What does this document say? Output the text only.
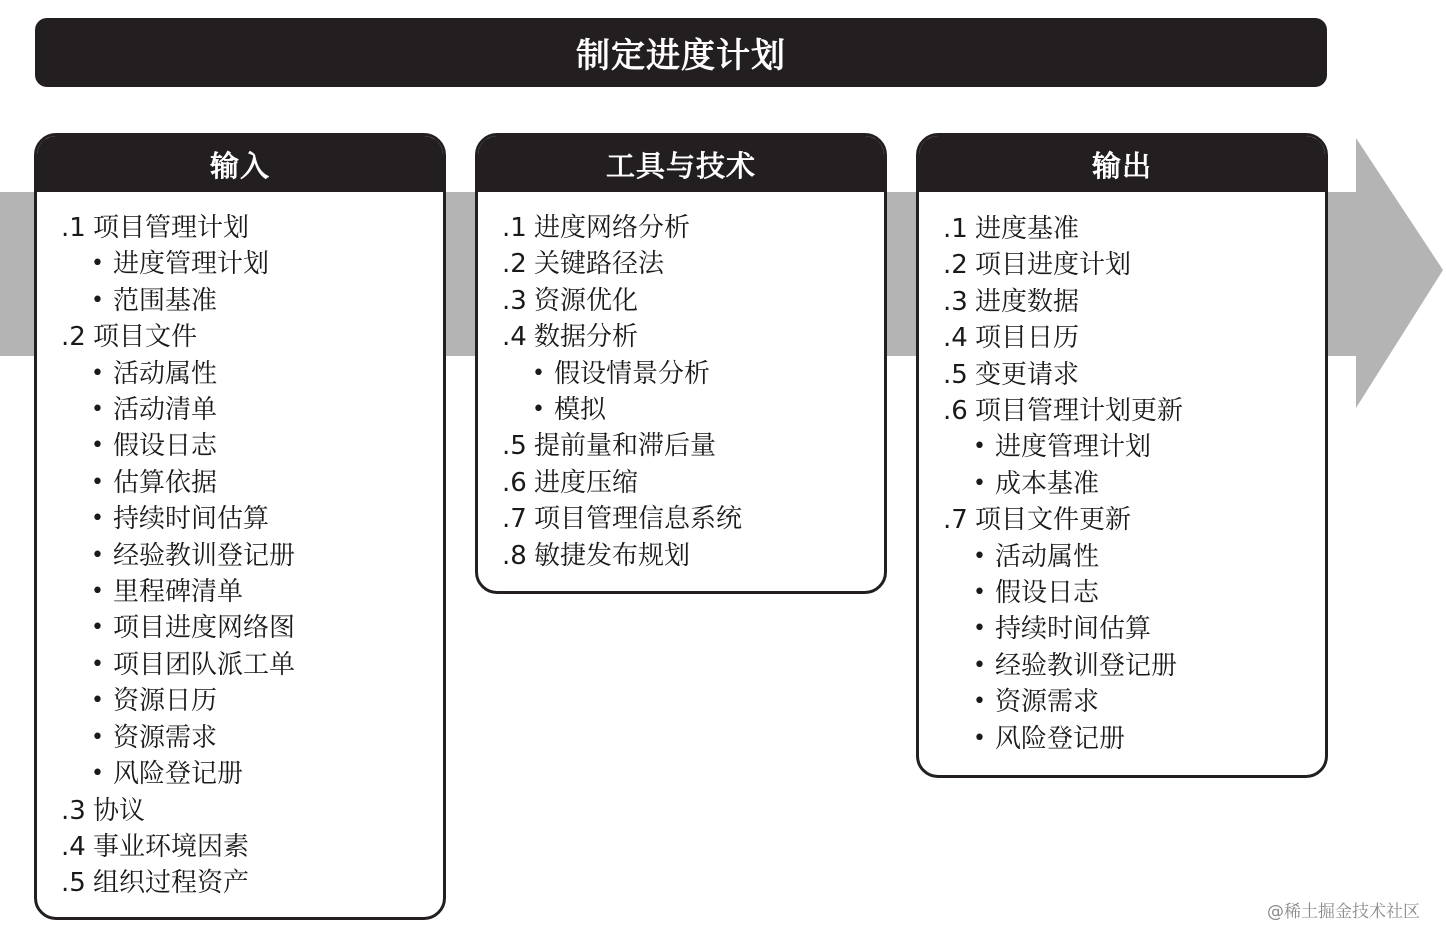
制定进度计划
输入
.1 项目管理计划
• 进度管理计划
• 范围基准
.2 项目文件
• 活动属性
• 活动清单
• 假设日志
• 估算依据
• 持续时间估算
• 经验教训登记册
• 里程碑清单
• 项目进度网络图
• 项目团队派工单
• 资源日历
• 资源需求
• 风险登记册
.3 协议
.4 事业环境因素
.5 组织过程资产
工具与技术
.1 进度网络分析
.2 关键路径法
.3 资源优化
.4 数据分析
• 假设情景分析
• 模拟
.5 提前量和滞后量
.6 进度压缩
.7 项目管理信息系统
.8 敏捷发布规划
输出
.1 进度基准
.2 项目进度计划
.3 进度数据
.4 项目日历
.5 变更请求
.6 项目管理计划更新
• 进度管理计划
• 成本基准
.7 项目文件更新
• 活动属性
• 假设日志
• 持续时间估算
• 经验教训登记册
• 资源需求
• 风险登记册
@稀土掘金技术社区
